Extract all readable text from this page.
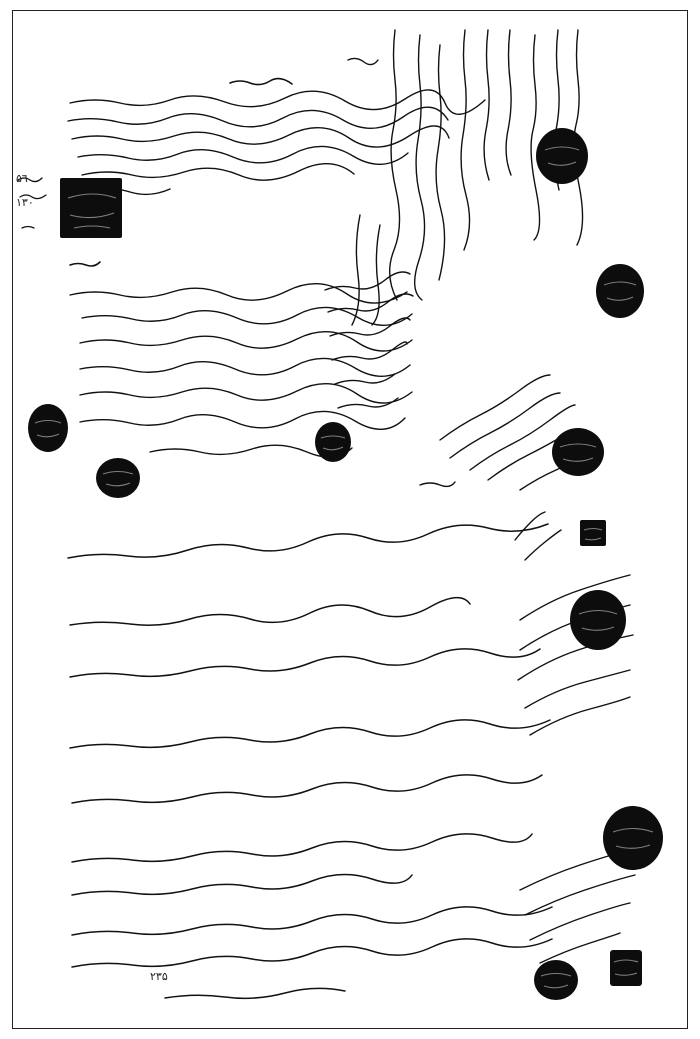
۲۳۵
۵٦
۱۳۰
